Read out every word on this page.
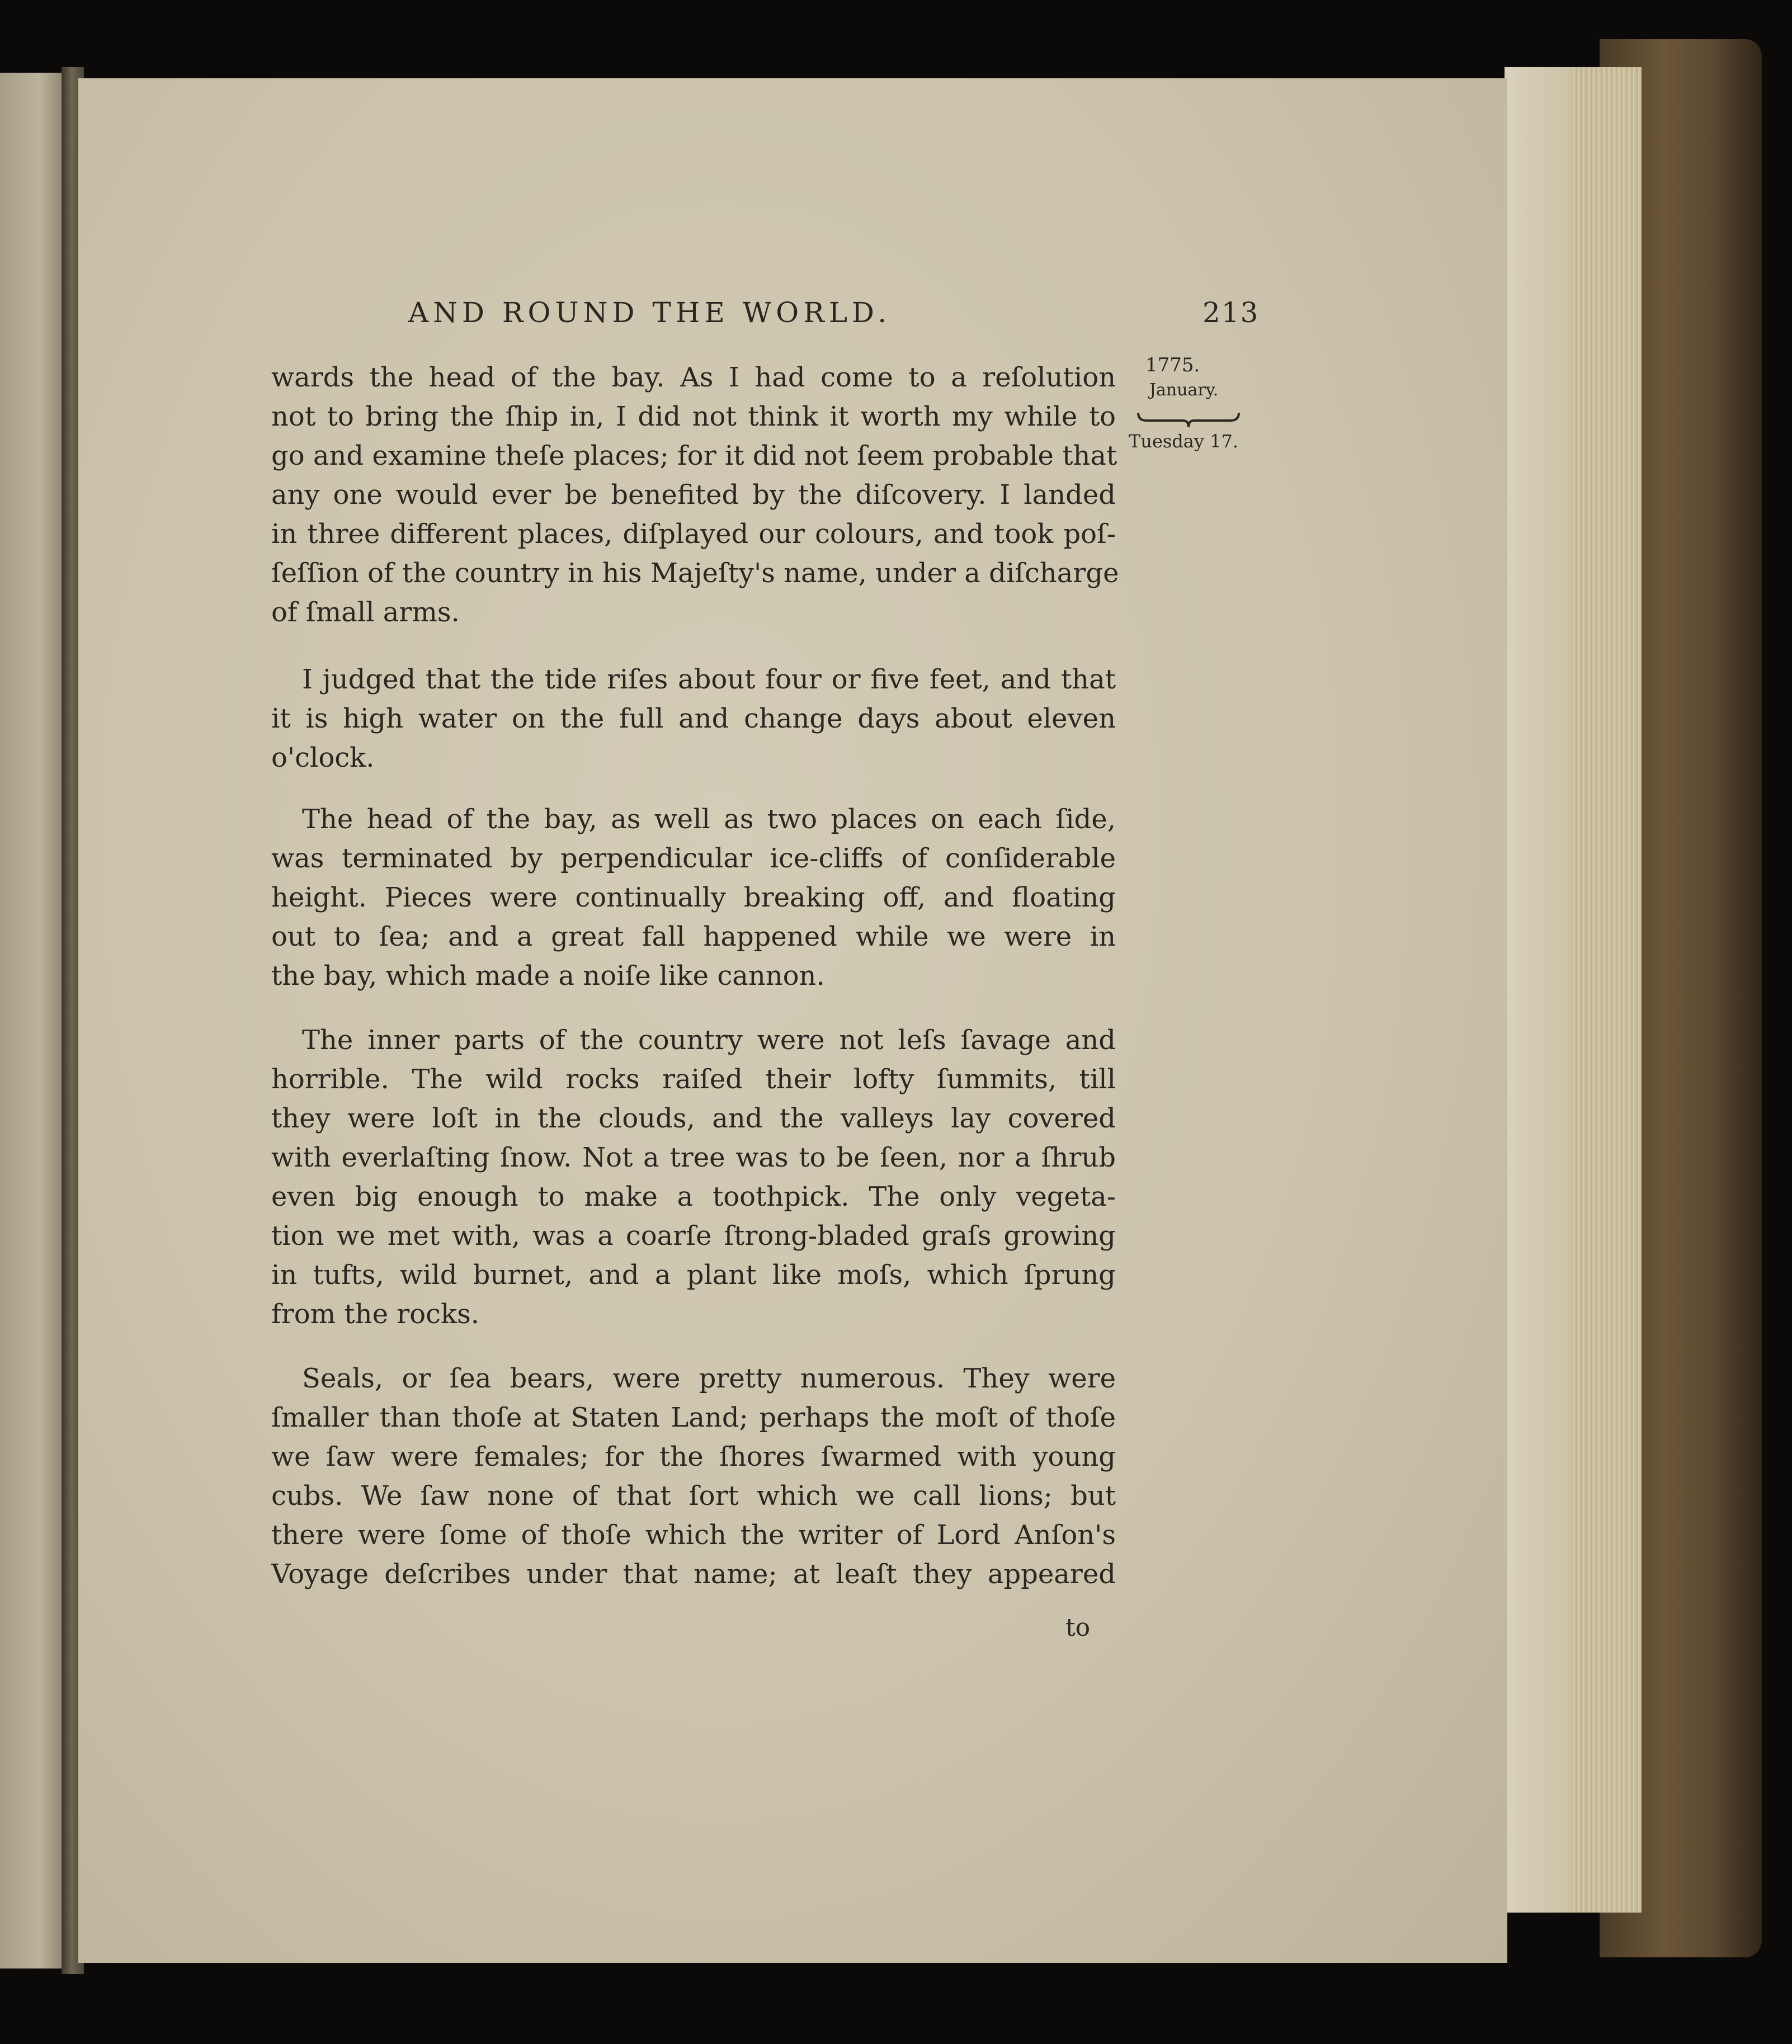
AND ROUND THE WORLD.	213

1775.
January.
Tuesday 17.
wards the head of the bay. As I had come to a reſolution
not to bring the ſhip in, I did not think it worth my while to
go and examine theſe places; for it did not ſeem probable that
any one would ever be benefited by the diſcovery. I landed
in three different places, diſplayed our colours, and took poſ-
ſeſſion of the country in his Majeſty's name, under a diſcharge
of ſmall arms.
I judged that the tide riſes about four or five feet, and that
it is high water on the full and change days about eleven
o'clock.
The head of the bay, as well as two places on each ſide,
was terminated by perpendicular ice-cliffs of conſiderable
height. Pieces were continually breaking off, and floating
out to ſea; and a great fall happened while we were in
the bay, which made a noiſe like cannon.
The inner parts of the country were not leſs ſavage and
horrible. The wild rocks raiſed their lofty ſummits, till
they were loſt in the clouds, and the valleys lay covered
with everlaſting ſnow. Not a tree was to be ſeen, nor a ſhrub
even big enough to make a toothpick. The only vegeta-
tion we met with, was a coarſe ſtrong-bladed graſs growing
in tufts, wild burnet, and a plant like moſs, which ſprung
from the rocks.
Seals, or ſea bears, were pretty numerous. They were
ſmaller than thoſe at Staten Land; perhaps the moſt of thoſe
we ſaw were females; for the ſhores ſwarmed with young
cubs. We ſaw none of that ſort which we call lions; but
there were ſome of thoſe which the writer of Lord Anſon's
Voyage deſcribes under that name; at leaſt they appeared
to
